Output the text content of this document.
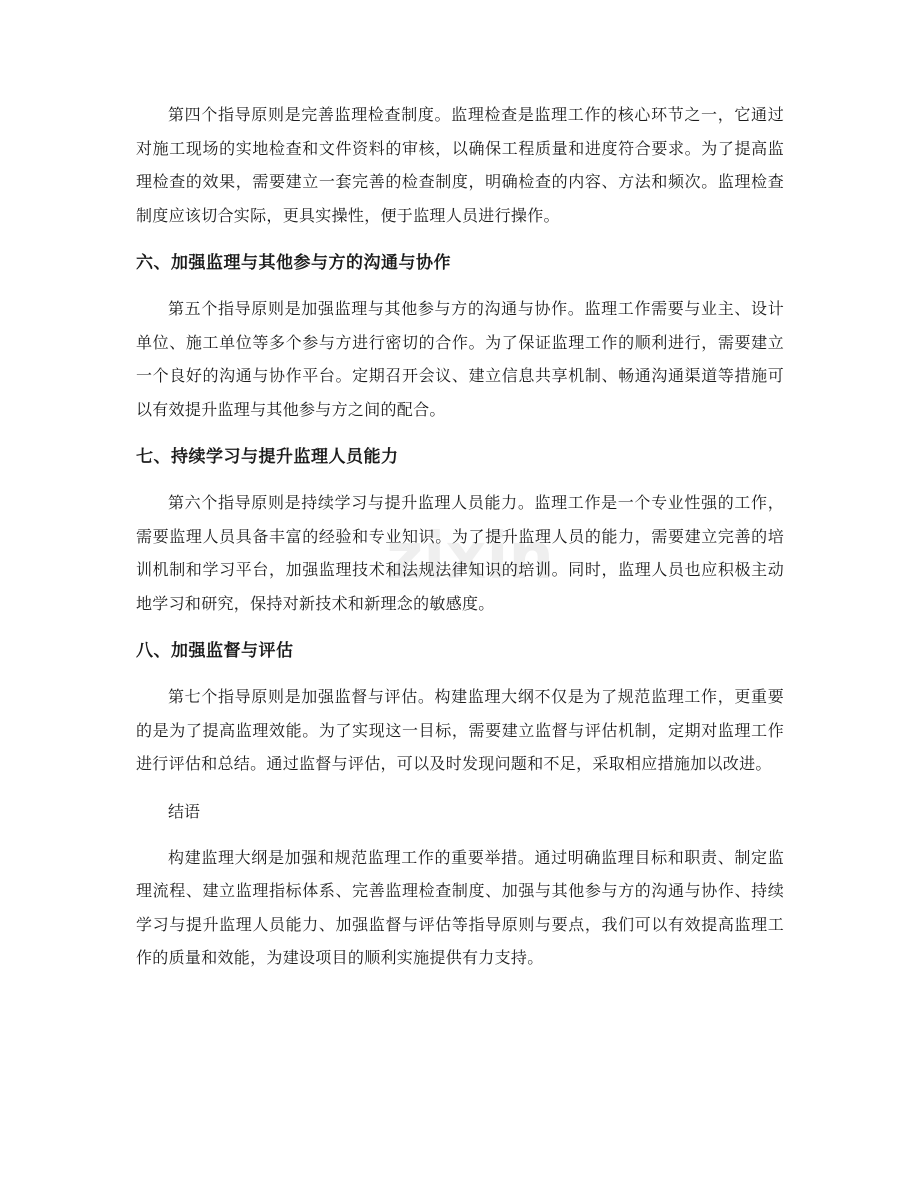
第四个指导原则是完善监理检查制度。监理检查是监理工作的核心环节之一，它通过对施工现场的实地检查和文件资料的审核，以确保工程质量和进度符合要求。为了提高监理检查的效果，需要建立一套完善的检查制度，明确检查的内容、方法和频次。监理检查制度应该切合实际，更具实操性，便于监理人员进行操作。

六、加强监理与其他参与方的沟通与协作

第五个指导原则是加强监理与其他参与方的沟通与协作。监理工作需要与业主、设计单位、施工单位等多个参与方进行密切的合作。为了保证监理工作的顺利进行，需要建立一个良好的沟通与协作平台。定期召开会议、建立信息共享机制、畅通沟通渠道等措施可以有效提升监理与其他参与方之间的配合。

七、持续学习与提升监理人员能力

第六个指导原则是持续学习与提升监理人员能力。监理工作是一个专业性强的工作，需要监理人员具备丰富的经验和专业知识。为了提升监理人员的能力，需要建立完善的培训机制和学习平台，加强监理技术和法规法律知识的培训。同时，监理人员也应积极主动地学习和研究，保持对新技术和新理念的敏感度。

八、加强监督与评估

第七个指导原则是加强监督与评估。构建监理大纲不仅是为了规范监理工作，更重要的是为了提高监理效能。为了实现这一目标，需要建立监督与评估机制，定期对监理工作进行评估和总结。通过监督与评估，可以及时发现问题和不足，采取相应措施加以改进。

结语

构建监理大纲是加强和规范监理工作的重要举措。通过明确监理目标和职责、制定监理流程、建立监理指标体系、完善监理检查制度、加强与其他参与方的沟通与协作、持续学习与提升监理人员能力、加强监督与评估等指导原则与要点，我们可以有效提高监理工作的质量和效能，为建设项目的顺利实施提供有力支持。

zixin
